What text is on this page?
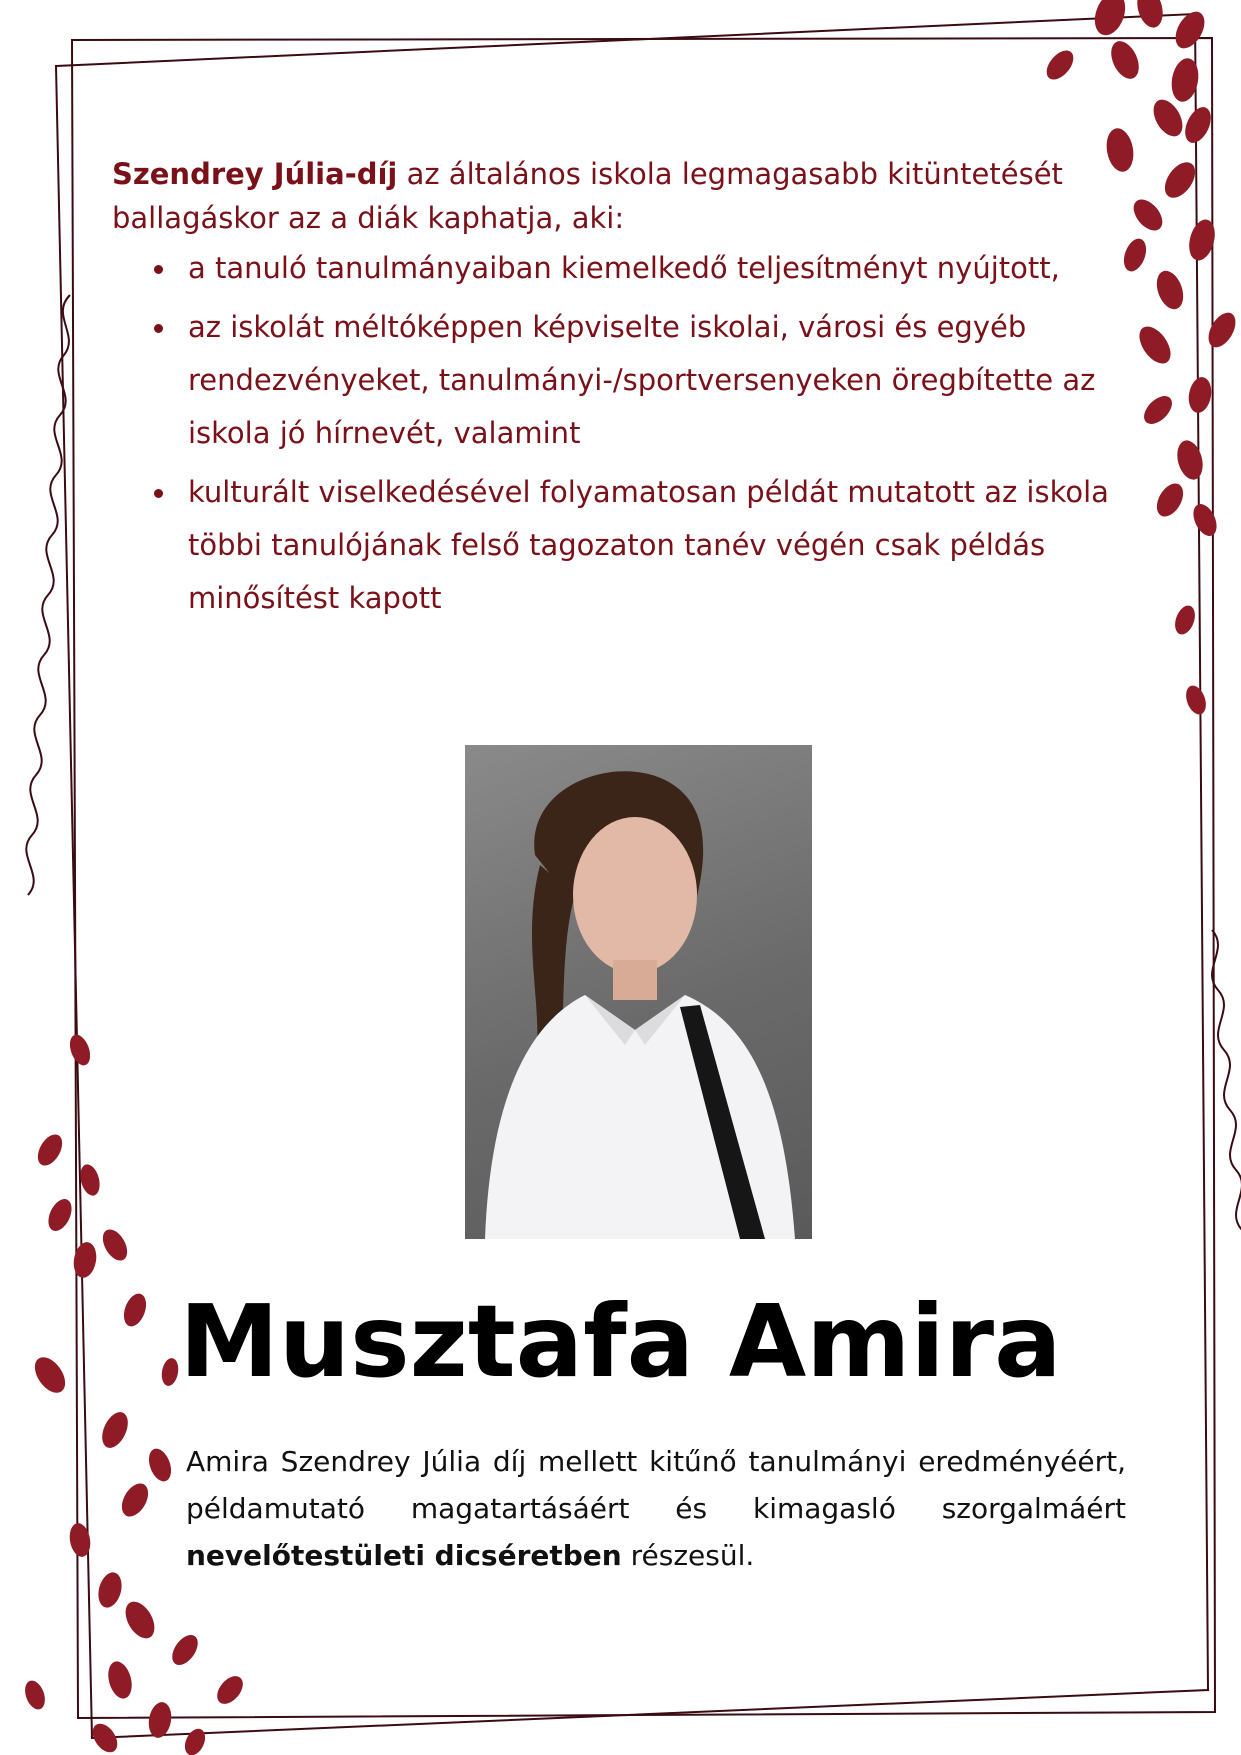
Szendrey Júlia-díj az általános iskola legmagasabb kitüntetését ballagáskor az a diák kaphatja, aki:
a tanuló tanulmányaiban kiemelkedő teljesítményt nyújtott,
az iskolát méltóképpen képviselte iskolai, városi és egyéb rendezvényeket, tanulmányi-/sportversenyeken öregbítette az iskola jó hírnevét, valamint
kulturált viselkedésével folyamatosan példát mutatott az iskola többi tanulójának felső tagozaton tanév végén csak példás minősítést kapott
Musztafa Amira
Amira Szendrey Júlia díj mellett kitűnő tanulmányi eredményéért, példamutató magatartásáért és kimagasló szorgalmáért nevelőtestületi dicséretben részesül.
